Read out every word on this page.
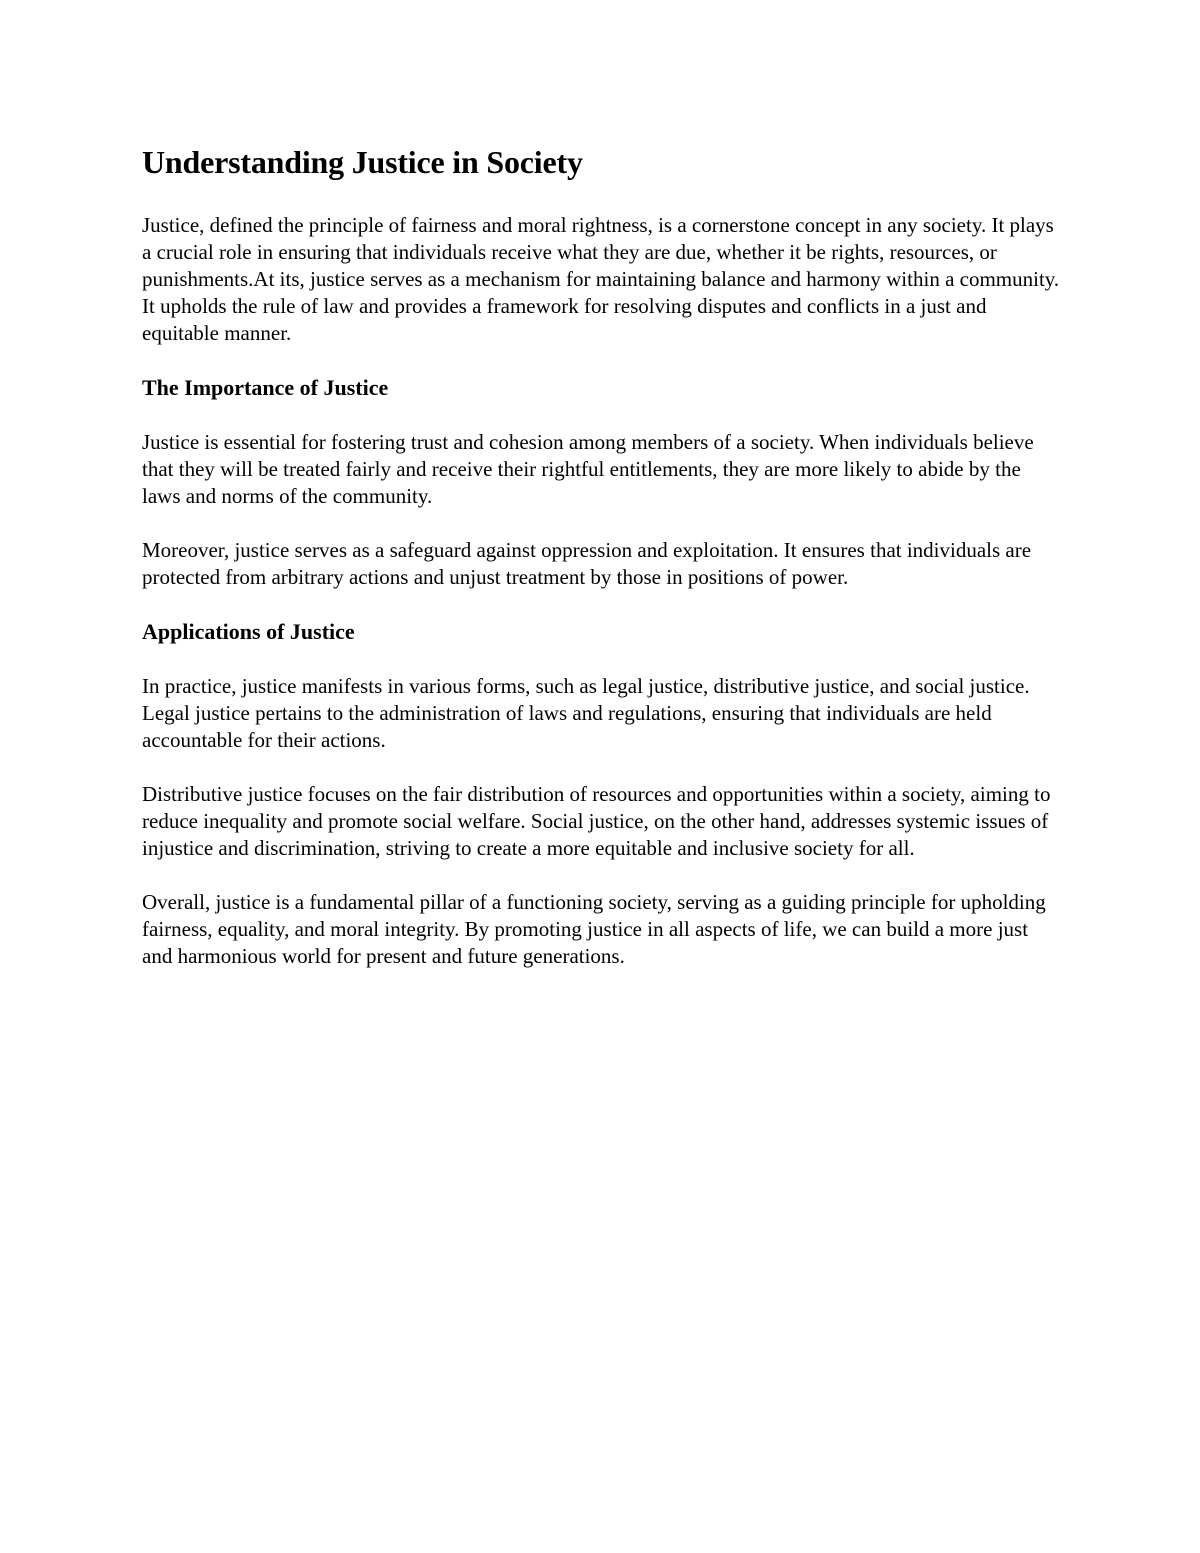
Understanding Justice in Society

Justice, defined the principle of fairness and moral rightness, is a cornerstone concept in any society. It plays a crucial role in ensuring that individuals receive what they are due, whether it be rights, resources, or punishments.At its, justice serves as a mechanism for maintaining balance and harmony within a community. It upholds the rule of law and provides a framework for resolving disputes and conflicts in a just and equitable manner.

The Importance of Justice

Justice is essential for fostering trust and cohesion among members of a society. When individuals believe that they will be treated fairly and receive their rightful entitlements, they are more likely to abide by the laws and norms of the community.

Moreover, justice serves as a safeguard against oppression and exploitation. It ensures that individuals are protected from arbitrary actions and unjust treatment by those in positions of power.

Applications of Justice

In practice, justice manifests in various forms, such as legal justice, distributive justice, and social justice. Legal justice pertains to the administration of laws and regulations, ensuring that individuals are held accountable for their actions.

Distributive justice focuses on the fair distribution of resources and opportunities within a society, aiming to reduce inequality and promote social welfare. Social justice, on the other hand, addresses systemic issues of injustice and discrimination, striving to create a more equitable and inclusive society for all.

Overall, justice is a fundamental pillar of a functioning society, serving as a guiding principle for upholding fairness, equality, and moral integrity. By promoting justice in all aspects of life, we can build a more just and harmonious world for present and future generations.
